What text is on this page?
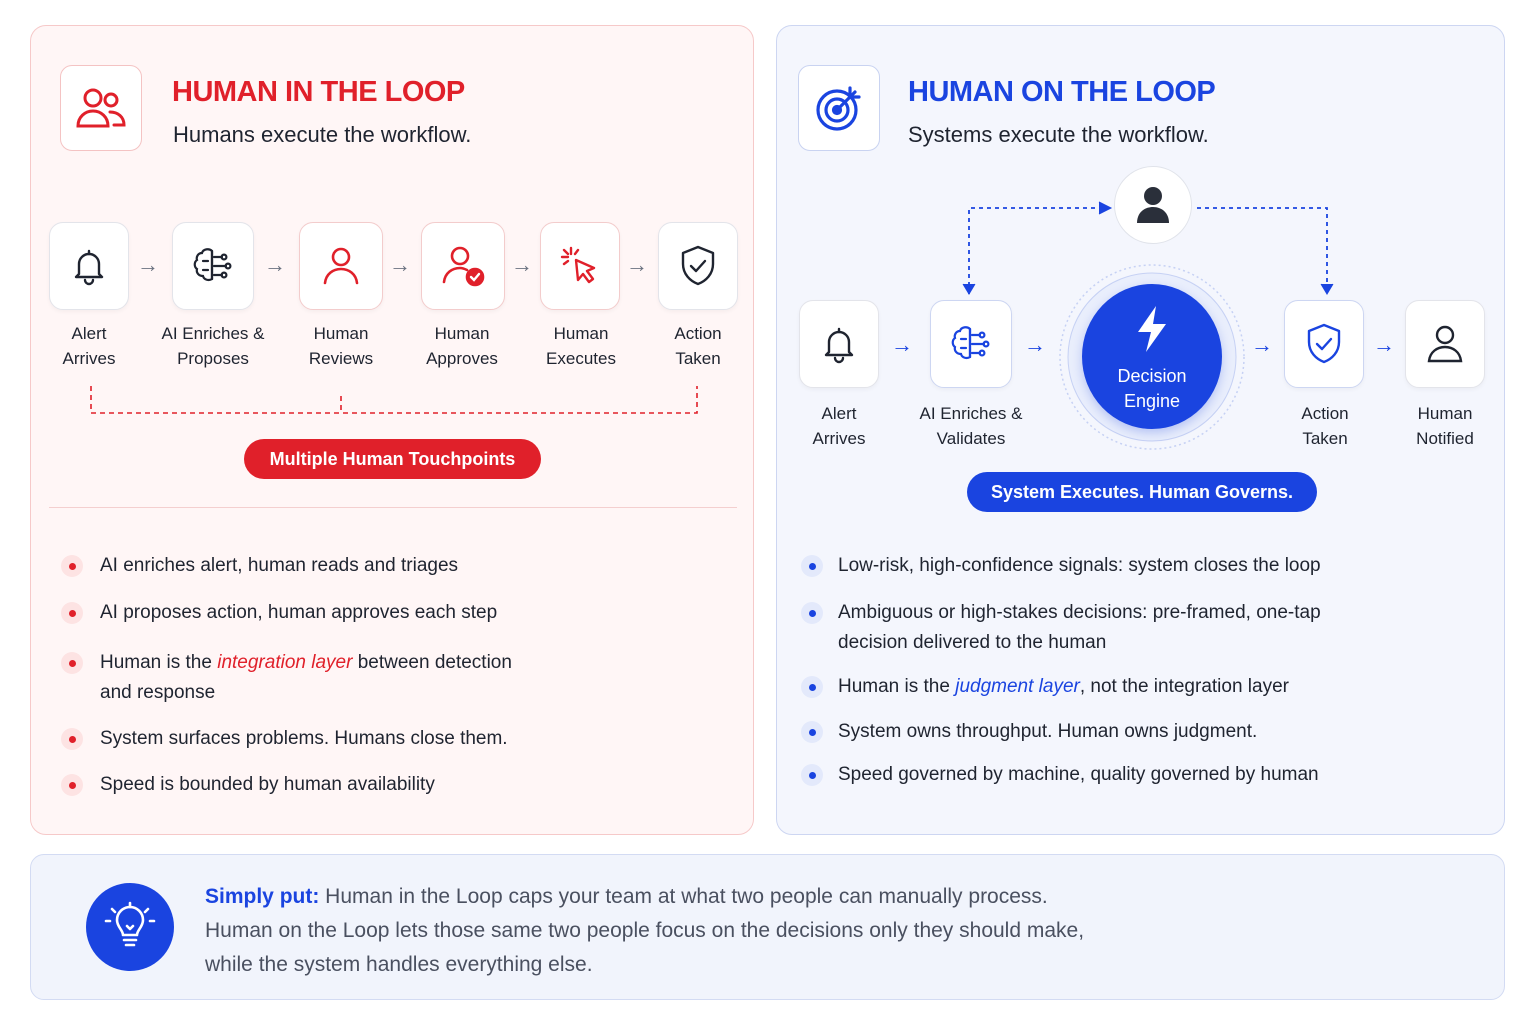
HUMAN IN THE LOOP
Humans execute the workflow.
→	→	→	→	→
Alert
Arrives
AI Enriches &
Proposes
Human
Reviews
Human
Approves
Human
Executes
Action
Taken
Multiple Human Touchpoints
AI enriches alert, human reads and triages
AI proposes action, human approves each step
Human is the integration layer between detection
and response
System surfaces problems. Humans close them.
Speed is bounded by human availability
HUMAN ON THE LOOP
Systems execute the workflow.
Decision
Engine
→	→	→	→
Alert
Arrives
AI Enriches &
Validates
Action
Taken
Human
Notified
System Executes. Human Governs.
Low-risk, high-confidence signals: system closes the loop
Ambiguous or high-stakes decisions: pre-framed, one-tap
decision delivered to the human
Human is the judgment layer, not the integration layer
System owns throughput. Human owns judgment.
Speed governed by machine, quality governed by human
Simply put: Human in the Loop caps your team at what two people can manually process.
Human on the Loop lets those same two people focus on the decisions only they should make,
while the system handles everything else.
